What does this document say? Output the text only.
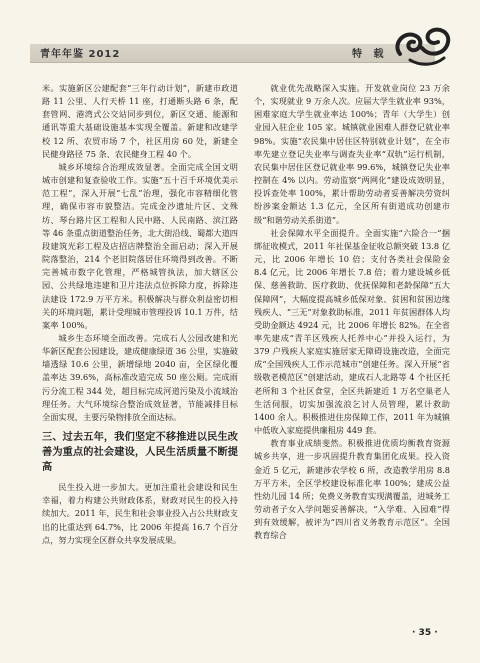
青年年鉴 2012	特 载

米。实施新区公建配套“三年行动计划”，新建市政道路 11 公里、人行天桥 11 座，打通断头路 6 条，配套管网、港湾式公交站同步到位，新区交通、能源和通讯等重大基础设施基本实现全覆盖。新建和改建学校 12 所、农贸市场 7 个，社区用房 60 处，新建全民健身路径 75 条、农民健身工程 40 个。

城乡环境综合治理成效显著。全面完成全国文明城市创建和复查验收工作。实施“五十百千环境优美示范工程”，深入开展“七乱”治理，强化市容精细化管理，确保市容市貌整洁。完成金沙遗址片区、文殊坊、琴台路片区工程和人民中路、人民南路、滨江路等 46 条重点街道整治任务，北大街沿线、蜀都大道四段建筑光彩工程及店招店牌整治全面启动；深入开展院落整治，214 个老旧院落居住环境得到改善。不断完善城市数字化管理，严格城管执法，加大辖区公园、公共绿地违建和卫片违法点位拆除力度，拆除违法建设 172.9 万平方米。积极解决与群众利益密切相关的环境问题，累计受理城市管理投诉 10.1 万件，结案率 100%。

城乡生态环境全面改善。完成石人公园改建和光华新区配套公园建设，建成健康绿道 36 公里，实施破墙透绿 10.6 公里，新增绿地 2040 亩，全区绿化覆盖率达 39.6%，高标准改造完成 50 座公厕。完成雨污分流工程 344 处，超目标完成河道污染及小流域治理任务。大气环境综合整治成效显著，节能减排目标全面实现，主要污染物排放全面达标。

三、过去五年，我们坚定不移推进以民生改善为重点的社会建设，人民生活质量不断提高

民生投入进一步加大。更加注重社会建设和民生幸福，着力构建公共财政体系，财政对民生的投入持续加大。2011 年，民生和社会事业投入占公共财政支出的比重达到 64.7%，比 2006 年提高 16.7 个百分点，努力实现全区群众共享发展成果。

就业优先战略深入实施。开发就业岗位 23 万余个，实现就业 9 万余人次。应届大学生就业率 93%，困难家庭大学生就业率达 100%；青年（大学生）创业园入驻企业 105 家。城镇就业困难人群登记就业率 98%。实施“农民集中居住区特别就业计划”，在全市率先建立登记失业率与调查失业率“双轨”运行机制，农民集中居住区登记就业率 99.6%，城镇登记失业率控制在 4% 以内。劳动监察“两网化”建设成效明显，投诉查处率 100%，累计帮助劳动者妥善解决劳资纠纷涉案金额达 1.3 亿元，全区所有街道成功创建市级“和谐劳动关系街道”。

社会保障水平全面提升。全面实施“六险合一”捆绑征收模式，2011 年社保基金征收总额突破 13.8 亿元，比 2006 年增长 10 倍；支付各类社会保险金 8.4 亿元，比 2006 年增长 7.8 倍；着力建设城乡低保、慈善救助、医疗救助、优抚保障和老龄保障“五大保障网”，大幅度提高城乡低保对象、贫困和贫困边缘残疾人、“三无”对象救助标准，2011 年贫困群体人均受助金额达 4924 元，比 2006 年增长 82%。在全省率先建成“青羊区残疾人托养中心”并投入运行，为 379 户残疾人家庭实施居家无障碍设施改造，全面完成“全国残疾人工作示范城市”创建任务。深入开展“省级敬老模范区”创建活动，建成石人北路等 4 个社区托老所和 3 个社区食堂，全区共新建近 1 万名空巢老人生活伺服，切实加强流浪乞讨人员管理，累计救助 1400 余人。积极推进住房保障工作，2011 年为城镇中低收入家庭提供廉租房 449 套。

教育事业成绩斐然。积极推进优质均衡教育资源城乡共享，进一步巩固提升教育集团化成果。投入资金近 5 亿元，新建涉农学校 6 所，改造教学用房 8.8 万平方米，全区学校建设标准化率 100%；建成公益性幼儿园 14 所；免费义务教育实现满覆盖，进城务工劳动者子女入学问题妥善解决，“入学难、入园难”得到有效缓解，被评为“四川省义务教育示范区”。全国教育综合

· 35 ·
